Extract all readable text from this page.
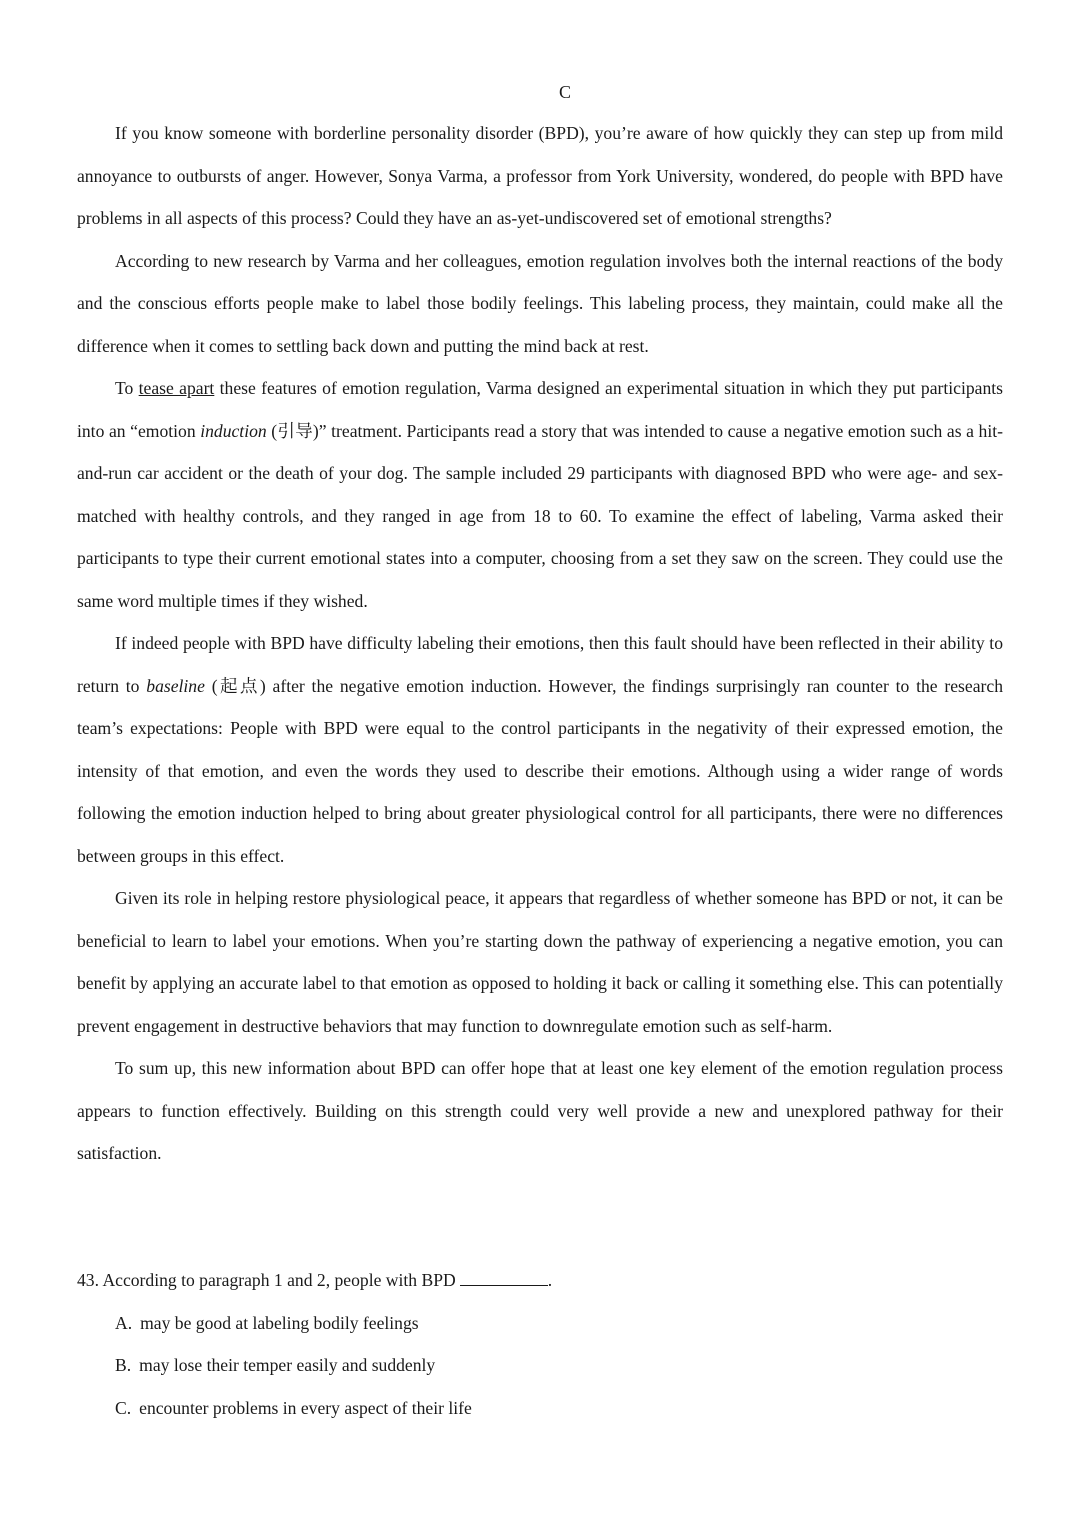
C

If you know someone with borderline personality disorder (BPD), you’re aware of how quickly they can step up from mild annoyance to outbursts of anger. However, Sonya Varma, a professor from York University, wondered, do people with BPD have problems in all aspects of this process? Could they have an as-yet-undiscovered set of emotional strengths?

According to new research by Varma and her colleagues, emotion regulation involves both the internal reactions of the body and the conscious efforts people make to label those bodily feelings. This labeling process, they maintain, could make all the difference when it comes to settling back down and putting the mind back at rest.

To tease apart these features of emotion regulation, Varma designed an experimental situation in which they put participants into an “emotion induction (引导)” treatment. Participants read a story that was intended to cause a negative emotion such as a hit-and-run car accident or the death of your dog. The sample included 29 participants with diagnosed BPD who were age- and sex-matched with healthy controls, and they ranged in age from 18 to 60. To examine the effect of labeling, Varma asked their participants to type their current emotional states into a computer, choosing from a set they saw on the screen. They could use the same word multiple times if they wished.

If indeed people with BPD have difficulty labeling their emotions, then this fault should have been reflected in their ability to return to baseline (起点) after the negative emotion induction. However, the findings surprisingly ran counter to the research team’s expectations: People with BPD were equal to the control participants in the negativity of their expressed emotion, the intensity of that emotion, and even the words they used to describe their emotions. Although using a wider range of words following the emotion induction helped to bring about greater physiological control for all participants, there were no differences between groups in this effect.

Given its role in helping restore physiological peace, it appears that regardless of whether someone has BPD or not, it can be beneficial to learn to label your emotions. When you’re starting down the pathway of experiencing a negative emotion, you can benefit by applying an accurate label to that emotion as opposed to holding it back or calling it something else. This can potentially prevent engagement in destructive behaviors that may function to downregulate emotion such as self-harm.

To sum up, this new information about BPD can offer hope that at least one key element of the emotion regulation process appears to function effectively. Building on this strength could very well provide a new and unexplored pathway for their satisfaction.

43. According to paragraph 1 and 2, people with BPD	.

A. may be good at labeling bodily feelings

B. may lose their temper easily and suddenly

C. encounter problems in every aspect of their life
